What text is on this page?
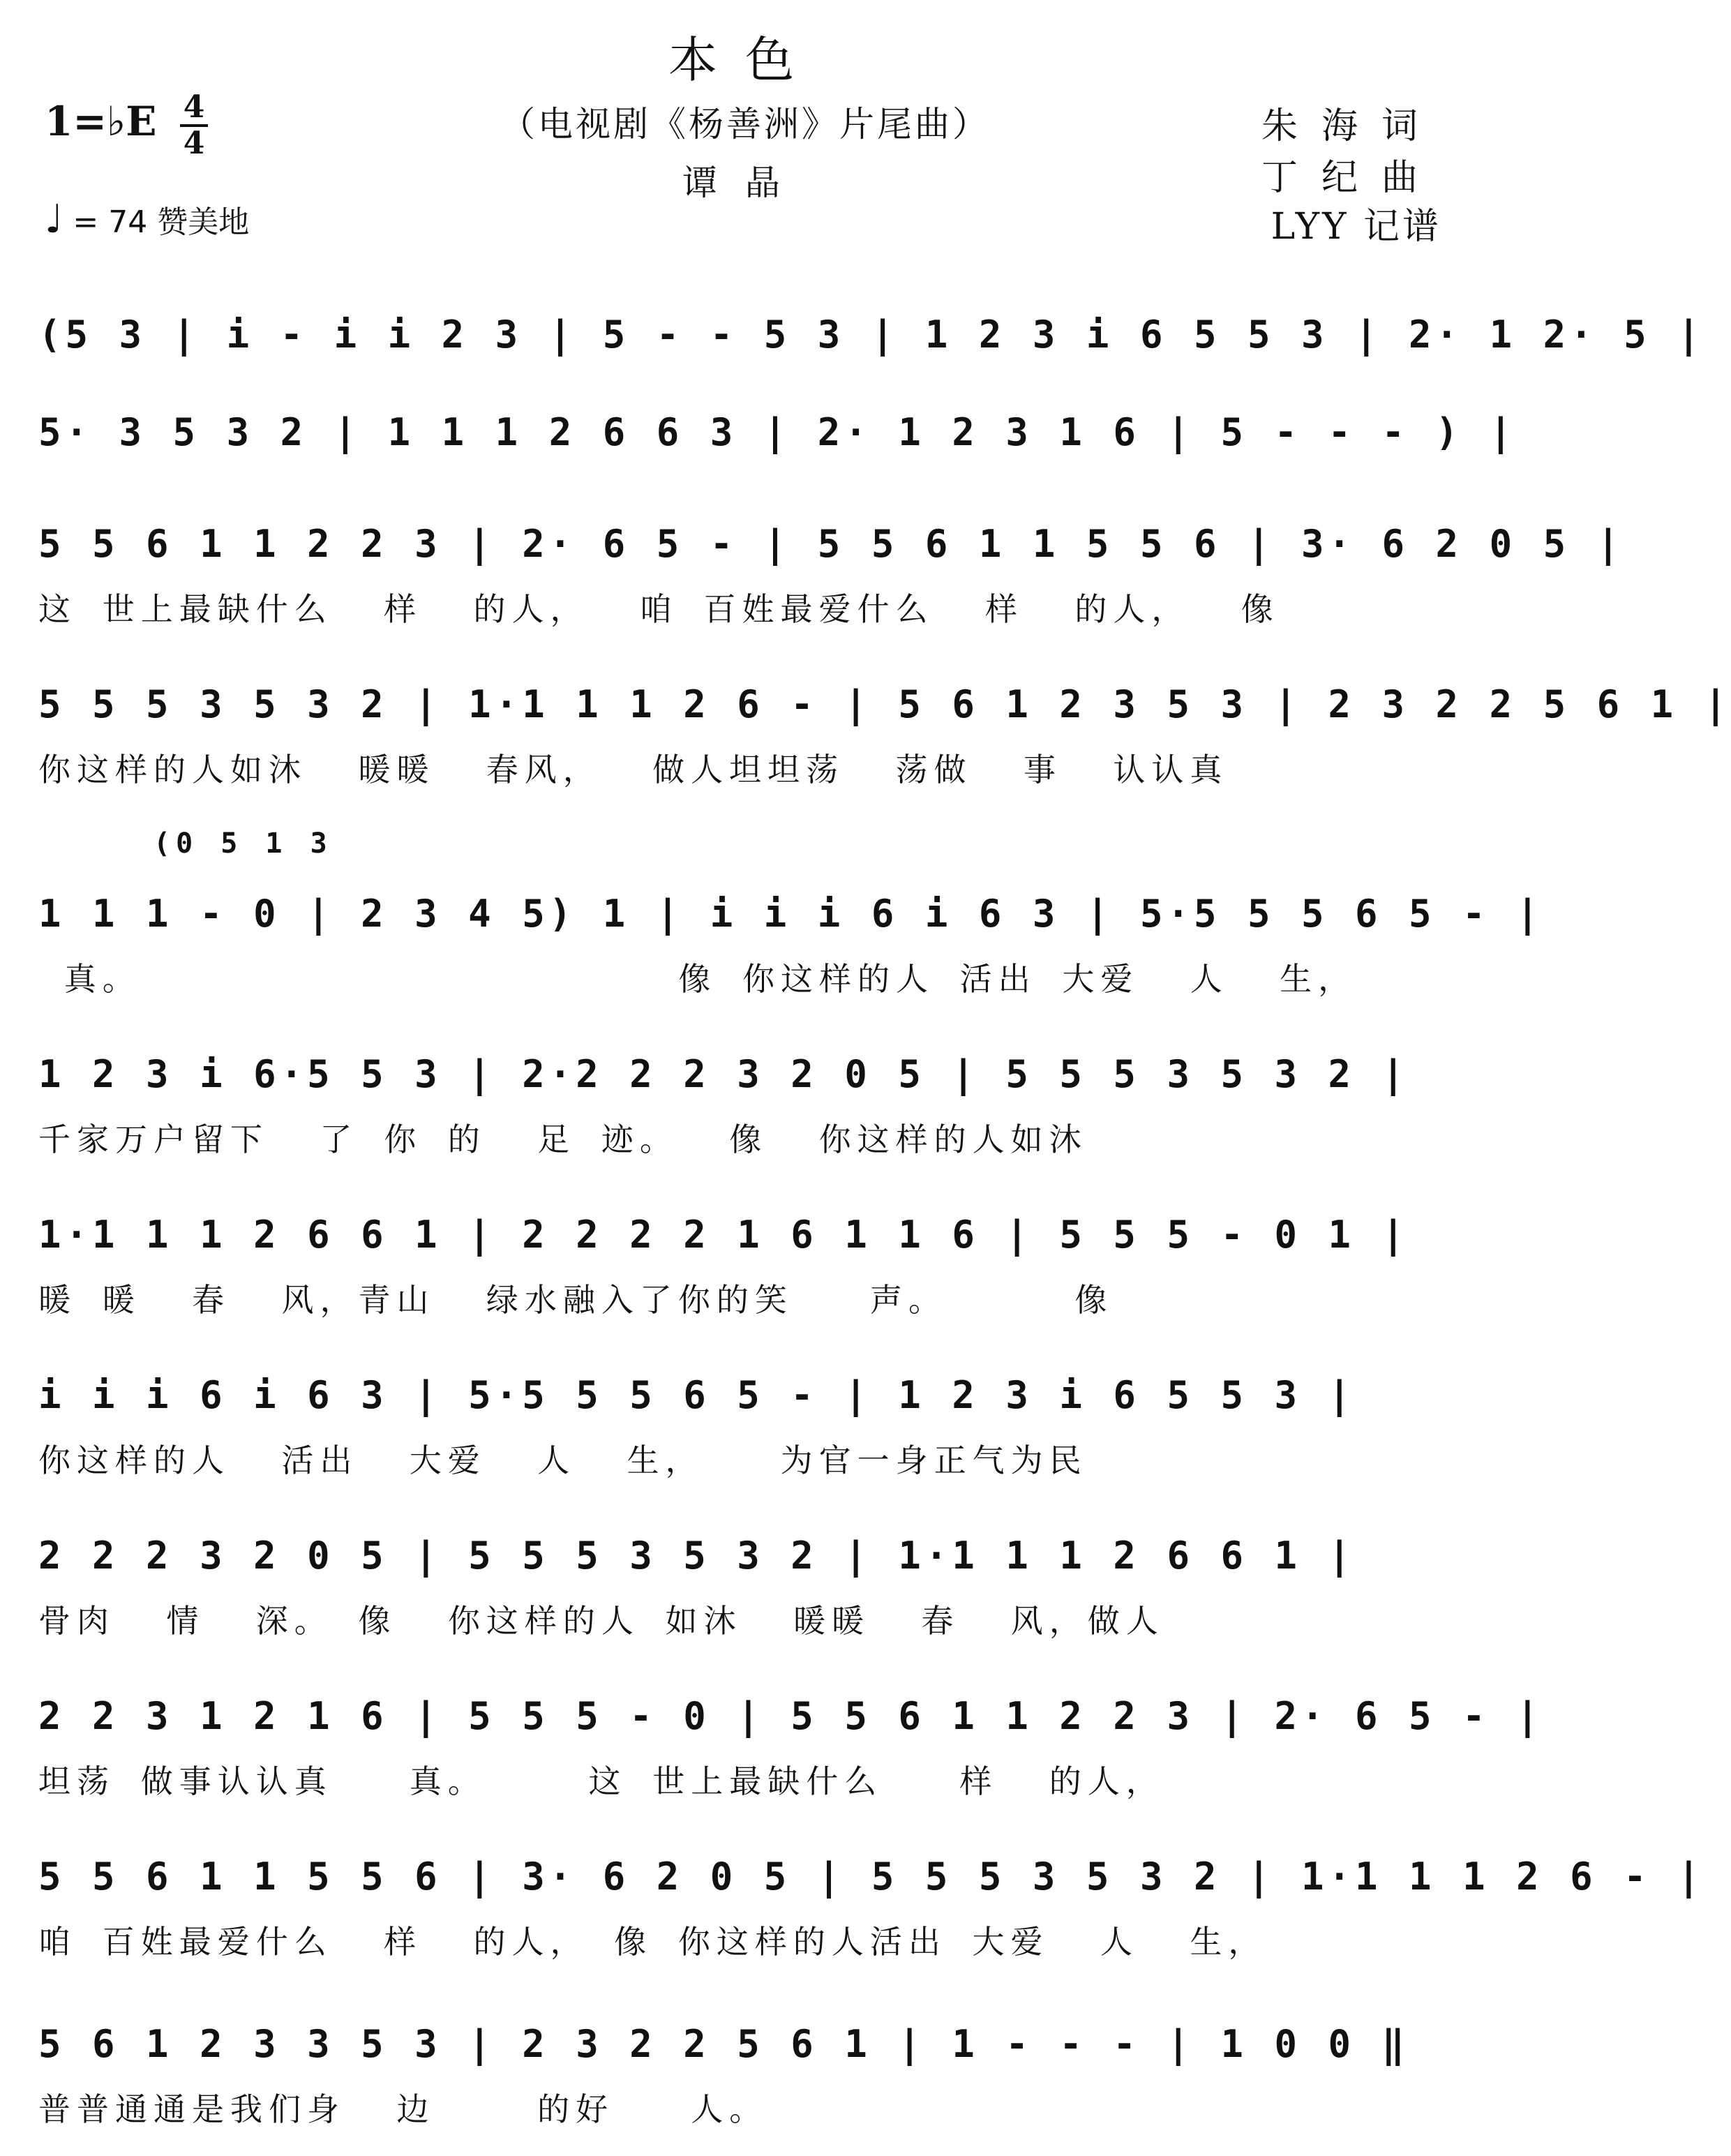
本色
1=♭E 4
4	（电视剧《杨善洲》片尾曲）
谭晶
朱海词
丁纪曲
LYY 记谱
♩ = 74 赞美地
(0 5 1 3
(5 3 | i - i i 2 3 | 5 - - 5 3 | 1 2 3 i 6 5 5 3 | 2· 1 2· 5 |
5· 3 5 3 2 | 1 1 1 2 6 6 3 | 2· 1 2 3 1 6 | 5 - - - ) |
5 5 6 1 1 2 2 3 | 2· 6 5 - | 5 5 6 1 1 5 5 6 | 3· 6 2 0 5 |
这 世上最缺什么  样  的人，  咱 百姓最爱什么  样  的人，  像
5 5 5 3 5 3 2 | 1·1 1 1 2 6 - | 5 6 1 2 3 5 3 | 2 3 2 2 5 6 1 |
你这样的人如沐  暖暖  春风，  做人坦坦荡  荡做  事  认认真
1 1 1 - 0 | 2 3 4 5) 1 | i i i 6 i 6 3 | 5·5 5 5 6 5 - |
真。                     像 你这样的人 活出 大爱  人  生，
1 2 3 i 6·5 5 3 | 2·2 2 2 3 2 0 5 | 5 5 5 3 5 3 2 |
千家万户留下  了 你 的  足 迹。  像  你这样的人如沐
1·1 1 1 2 6 6 1 | 2 2 2 2 1 6 1 1 6 | 5 5 5 - 0 1 |
暖 暖  春  风，青山  绿水融入了你的笑   声。     像
i i i 6 i 6 3 | 5·5 5 5 6 5 - | 1 2 3 i 6 5 5 3 |
你这样的人  活出  大爱  人  生，   为官一身正气为民
2 2 2 3 2 0 5 | 5 5 5 3 5 3 2 | 1·1 1 1 2 6 6 1 |
骨肉  情  深。 像  你这样的人 如沐  暖暖  春  风，做人
2 2 3 1 2 1 6 | 5 5 5 - 0 | 5 5 6 1 1 2 2 3 | 2· 6 5 - |
坦荡 做事认认真   真。    这 世上最缺什么   样  的人，
5 5 6 1 1 5 5 6 | 3· 6 2 0 5 | 5 5 5 3 5 3 2 | 1·1 1 1 2 6 - |
咱 百姓最爱什么  样  的人， 像 你这样的人活出 大爱  人  生，
5 6 1 2 3 3 5 3 | 2 3 2 2 5 6 1 | 1 - - - | 1 0 0 ‖
普普通通是我们身  边    的好   人。
